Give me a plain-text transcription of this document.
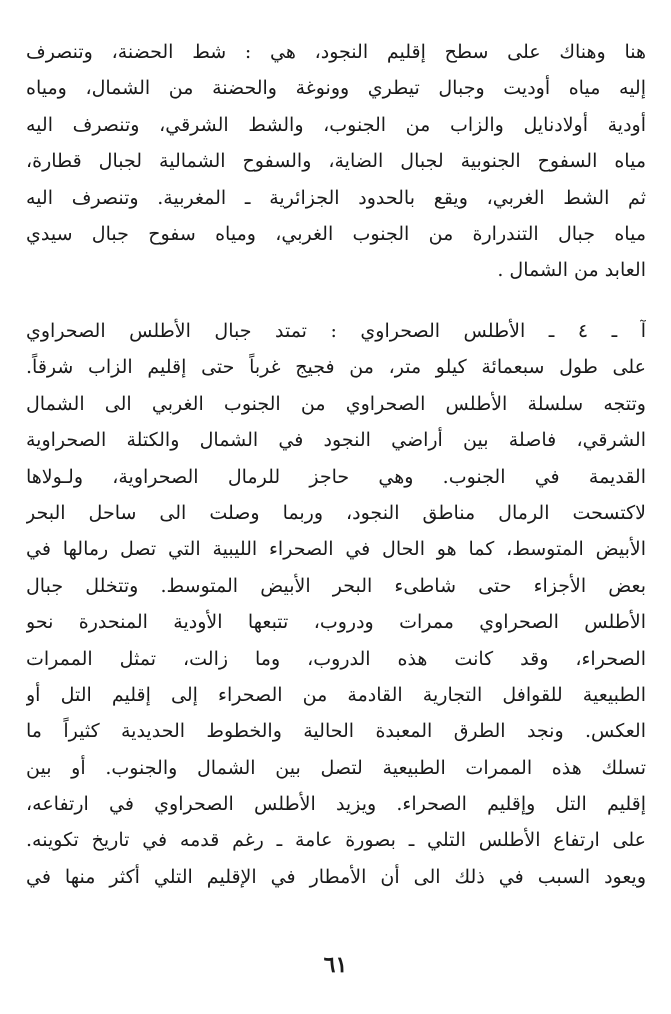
هنا وهناك على سطح إقليم النجود، هي : شط الحضنة، وتنصرف
إليه مياه أوديت وجبال تيطري وونوغة والحضنة من الشمال، ومياه
أودية أولادنايل والزاب من الجنوب، والشط الشرقي، وتنصرف اليه
مياه السفوح الجنوبية لجبال الضاية، والسفوح الشمالية لجبال قطارة،
ثم الشط الغربي، ويقع بالحدود الجزائرية ـ المغربية. وتنصرف اليه
مياه جبال التندرارة من الجنوب الغربي، ومياه سفوح جبال سيدي
العابد من الشمال .
آ ـ ٤ ـ الأطلس الصحراوي : تمتد جبال الأطلس الصحراوي
على طول سبعمائة كيلو متر، من فجيج غرباً حتى إقليم الزاب شرقاً.
وتتجه سلسلة الأطلس الصحراوي من الجنوب الغربي الى الشمال
الشرقي، فاصلة بين أراضي النجود في الشمال والكتلة الصحراوية
القديمة في الجنوب. وهي حاجز للرمال الصحراوية، ولـولاها
لاكتسحت الرمال مناطق النجود، وربما وصلت الى ساحل البحر
الأبيض المتوسط، كما هو الحال في الصحراء الليبية التي تصل رمالها في
بعض الأجزاء حتى شاطىء البحر الأبيض المتوسط. وتتخلل جبال
الأطلس الصحراوي ممرات ودروب، تتبعها الأودية المنحدرة نحو
الصحراء، وقد كانت هذه الدروب، وما زالت، تمثل الممرات
الطبيعية للقوافل التجارية القادمة من الصحراء إلى إقليم التل أو
العكس. ونجد الطرق المعبدة الحالية والخطوط الحديدية كثيراً ما
تسلك هذه الممرات الطبيعية لتصل بين الشمال والجنوب. أو بين
إقليم التل وإقليم الصحراء. ويزيد الأطلس الصحراوي في ارتفاعه،
على ارتفاع الأطلس التلي ـ بصورة عامة ـ رغم قدمه في تاريخ تكوينه.
ويعود السبب في ذلك الى أن الأمطار في الإقليم التلي أكثر منها في
٦١
